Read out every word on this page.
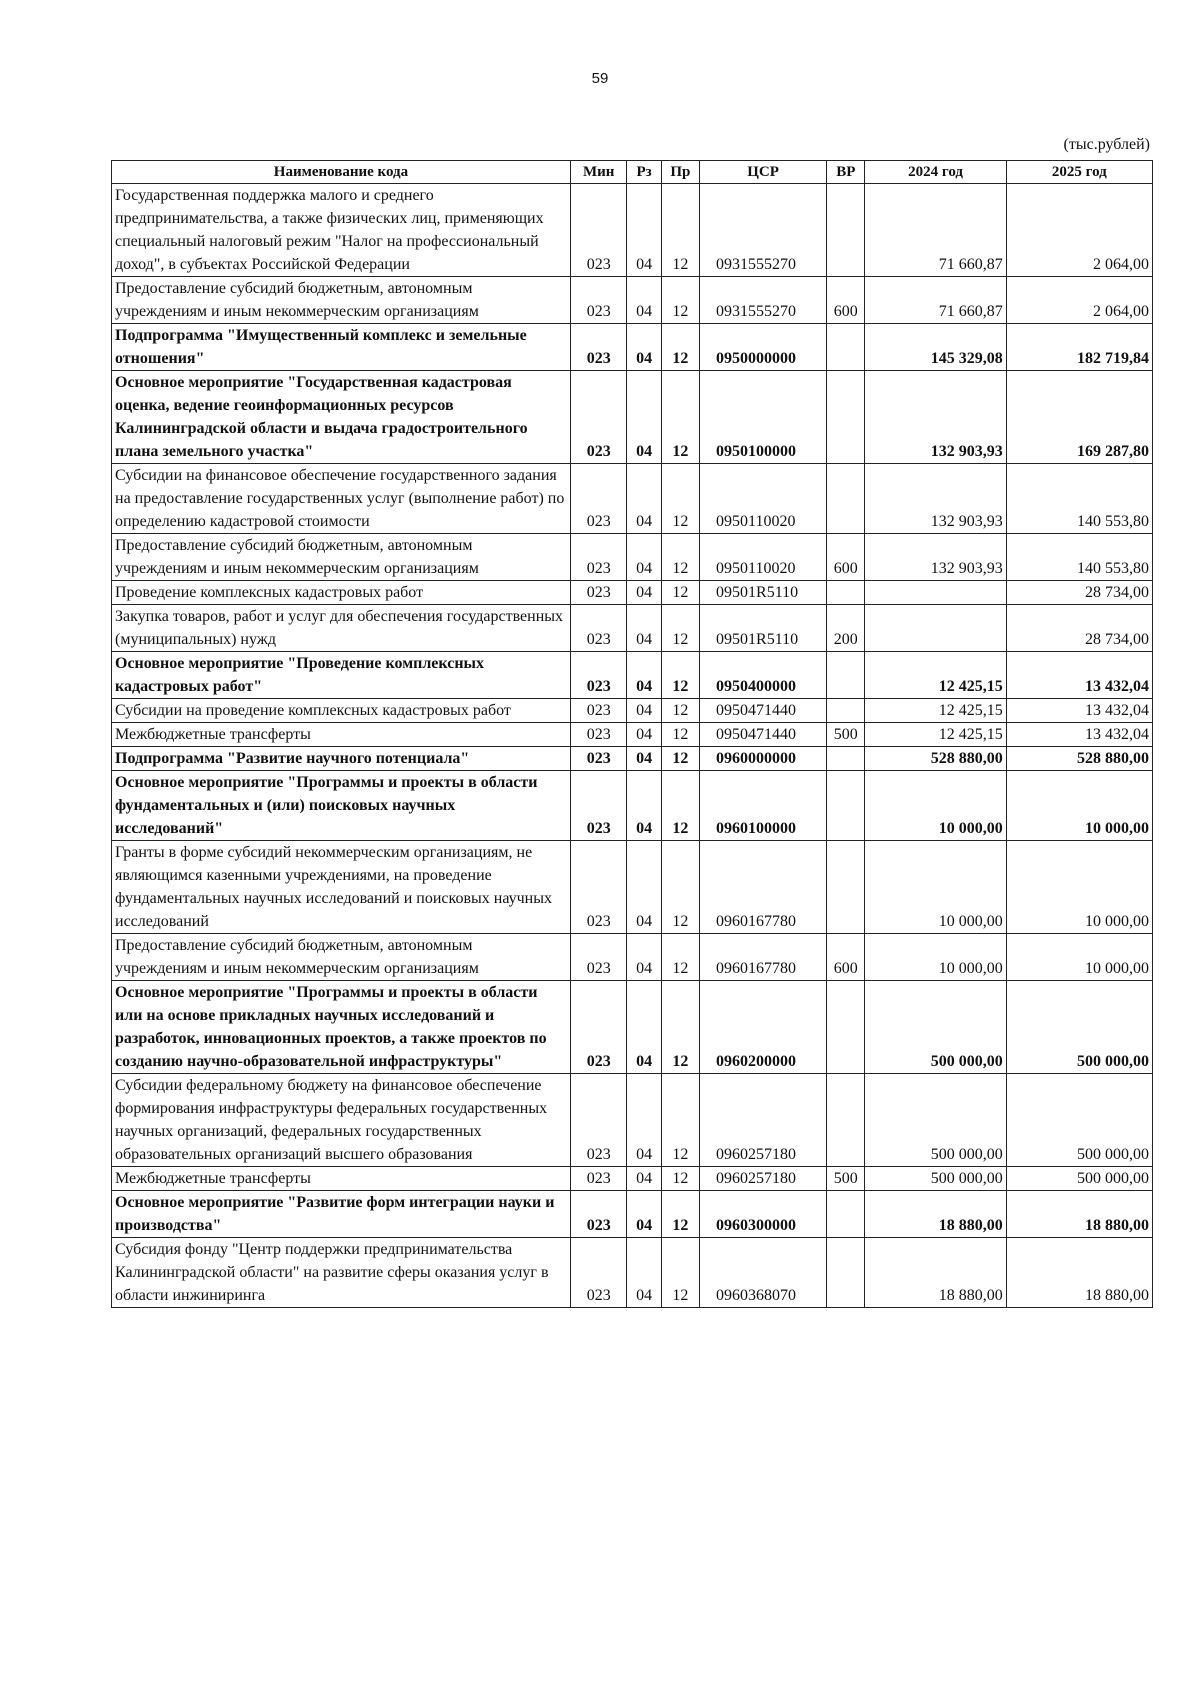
59
(тыс.рублей)
Наименование кода	Мин	Рз	Пр	ЦСР	ВР	2024 год	2025 год
Государственная поддержка малого и среднего предпринимательства, а также физических лиц, применяющих специальный налоговый режим "Налог на профессиональный доход", в субъектах Российской Федерации	023	04	12	0931555270		71 660,87	2 064,00
Предоставление субсидий бюджетным, автономным учреждениям и иным некоммерческим организациям	023	04	12	0931555270	600	71 660,87	2 064,00
Подпрограмма "Имущественный комплекс и земельные отношения"	023	04	12	0950000000		145 329,08	182 719,84
Основное мероприятие "Государственная кадастровая оценка, ведение геоинформационных ресурсов Калининградской области и выдача градостроительного плана земельного участка"	023	04	12	0950100000		132 903,93	169 287,80
Субсидии на финансовое обеспечение государственного задания на предоставление государственных услуг (выполнение работ) по определению кадастровой стоимости	023	04	12	0950110020		132 903,93	140 553,80
Предоставление субсидий бюджетным, автономным учреждениям и иным некоммерческим организациям	023	04	12	0950110020	600	132 903,93	140 553,80
Проведение комплексных кадастровых работ	023	04	12	09501R5110			28 734,00
Закупка товаров, работ и услуг для обеспечения государственных (муниципальных) нужд	023	04	12	09501R5110	200		28 734,00
Основное мероприятие "Проведение комплексных кадастровых работ"	023	04	12	0950400000		12 425,15	13 432,04
Субсидии на проведение комплексных кадастровых работ	023	04	12	0950471440		12 425,15	13 432,04
Межбюджетные трансферты	023	04	12	0950471440	500	12 425,15	13 432,04
Подпрограмма "Развитие научного потенциала"	023	04	12	0960000000		528 880,00	528 880,00
Основное мероприятие "Программы и проекты в области фундаментальных и (или) поисковых научных исследований"	023	04	12	0960100000		10 000,00	10 000,00
Гранты в форме субсидий некоммерческим организациям, не являющимся казенными учреждениями, на проведение фундаментальных научных исследований и поисковых научных исследований	023	04	12	0960167780		10 000,00	10 000,00
Предоставление субсидий бюджетным, автономным учреждениям и иным некоммерческим организациям	023	04	12	0960167780	600	10 000,00	10 000,00
Основное мероприятие "Программы и проекты в области или на основе прикладных научных исследований и разработок, инновационных проектов, а также проектов по созданию научно-образовательной инфраструктуры"	023	04	12	0960200000		500 000,00	500 000,00
Субсидии федеральному бюджету на финансовое обеспечение формирования инфраструктуры федеральных государственных научных организаций, федеральных государственных образовательных организаций высшего образования	023	04	12	0960257180		500 000,00	500 000,00
Межбюджетные трансферты	023	04	12	0960257180	500	500 000,00	500 000,00
Основное мероприятие "Развитие форм интеграции науки и производства"	023	04	12	0960300000		18 880,00	18 880,00
Субсидия фонду "Центр поддержки предпринимательства Калининградской области" на развитие сферы оказания услуг в области инжиниринга	023	04	12	0960368070		18 880,00	18 880,00
